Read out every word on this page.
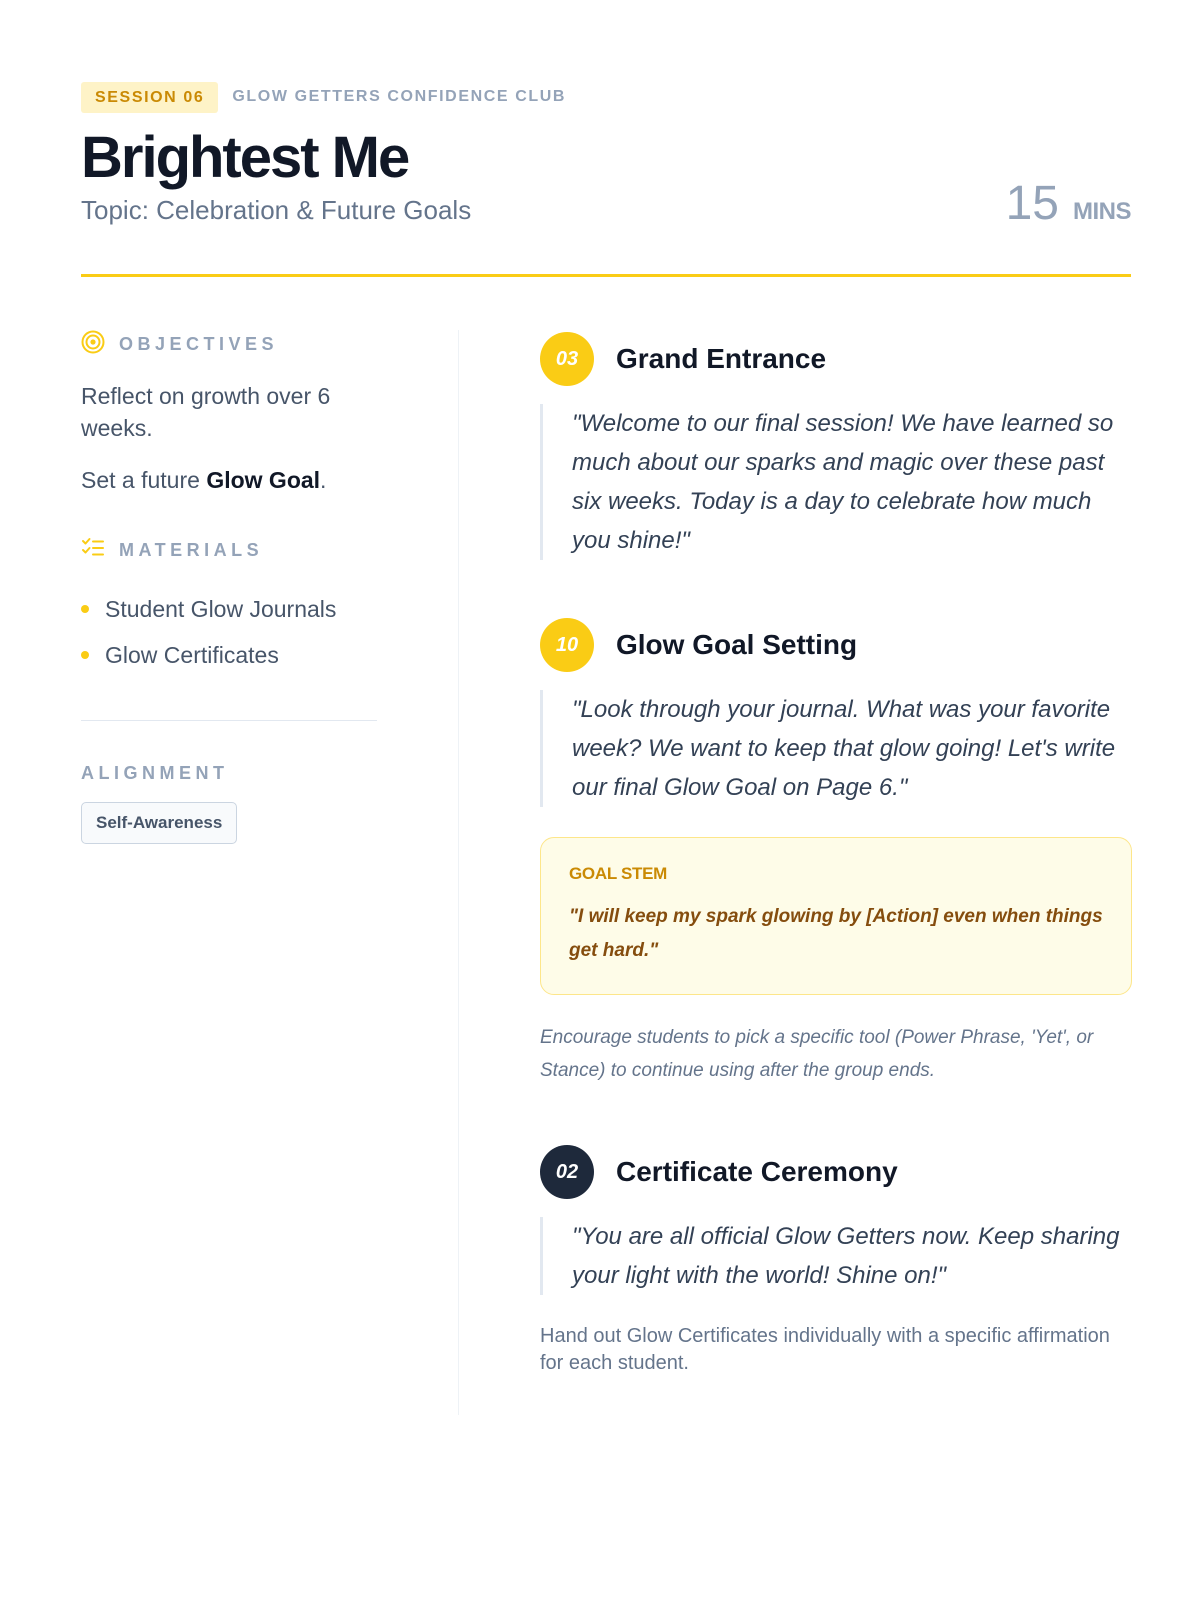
SESSION 06	GLOW GETTERS CONFIDENCE CLUB
Brightest Me
Topic: Celebration & Future Goals	15 MINS
OBJECTIVES

Reflect on growth over 6 weeks.

Set a future Glow Goal.

MATERIALS
Student Glow Journals
Glow Certificates
ALIGNMENT
Self-Awareness
03	Grand Entrance

"Welcome to our final session! We have learned so much about our sparks and magic over these past six weeks. Today is a day to celebrate how much you shine!"

10	Glow Goal Setting

"Look through your journal. What was your favorite week? We want to keep that glow going! Let's write our final Glow Goal on Page 6."

GOAL STEM
"I will keep my spark glowing by [Action] even when things get hard."

Encourage students to pick a specific tool (Power Phrase, 'Yet', or Stance) to continue using after the group ends.

02	Certificate Ceremony

"You are all official Glow Getters now. Keep sharing your light with the world! Shine on!"

Hand out Glow Certificates individually with a specific affirmation for each student.
